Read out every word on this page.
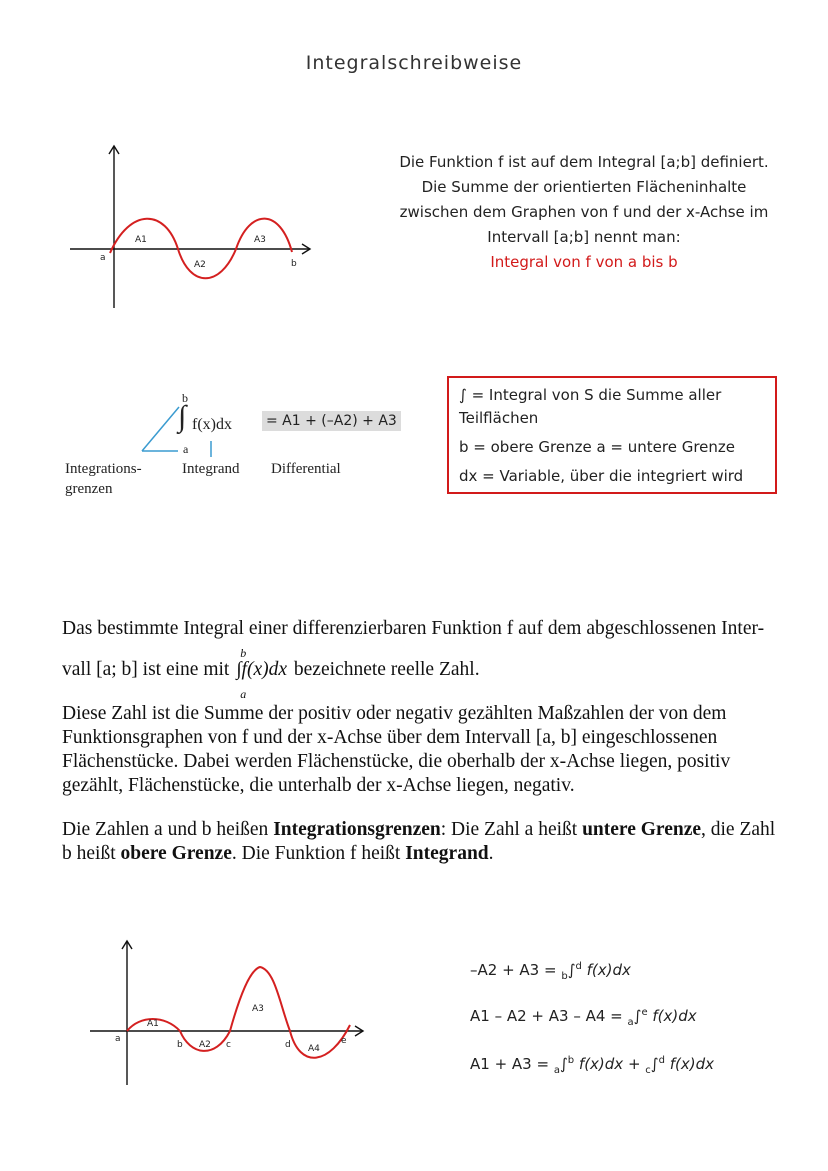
Integralschreibweise
a
A1
A2
A3
b
Die Funktion f ist auf dem Integral [a;b] definiert.
Die Summe der orientierten Flächeninhalte
zwischen dem Graphen von f und der x-Achse im
Intervall [a;b] nennt man:
Integral von f von a bis b
b
∫ f(x)dx
a
= A1 + (–A2) + A3
Integrations-
grenzen
Integrand Differential
∫ = Integral von S die Summe aller
Teilflächen
b = obere Grenze a = untere Grenze
dx = Variable, über die integriert wird
Das bestimmte Integral einer differenzierbaren Funktion f auf dem abgeschlossenen Inter-
vall [a; b] ist eine mit
b
∫f(x)dx
a
bezeichnete reelle Zahl.
Diese Zahl ist die Summe der positiv oder negativ gezählten Maßzahlen der von dem Funktionsgraphen von f und der x-Achse über dem Intervall [a, b] eingeschlossenen Flächenstücke. Dabei werden Flächenstücke, die oberhalb der x-Achse liegen, positiv gezählt, Flächenstücke, die unterhalb der x-Achse liegen, negativ.
Die Zahlen a und b heißen Integrationsgrenzen: Die Zahl a heißt untere Grenze, die Zahl b heißt obere Grenze. Die Funktion f heißt Integrand.
a
A1
b A2 c
A3
d A4
e
–A2 + A3 = $_b$∫$^d$ f(x)dx
A1 – A2 + A3 – A4 = $_a$∫$^e$ f(x)dx
A1 + A3 = $_a$∫$^b$ f(x)dx + $_c$∫$^d$ f(x)dx
